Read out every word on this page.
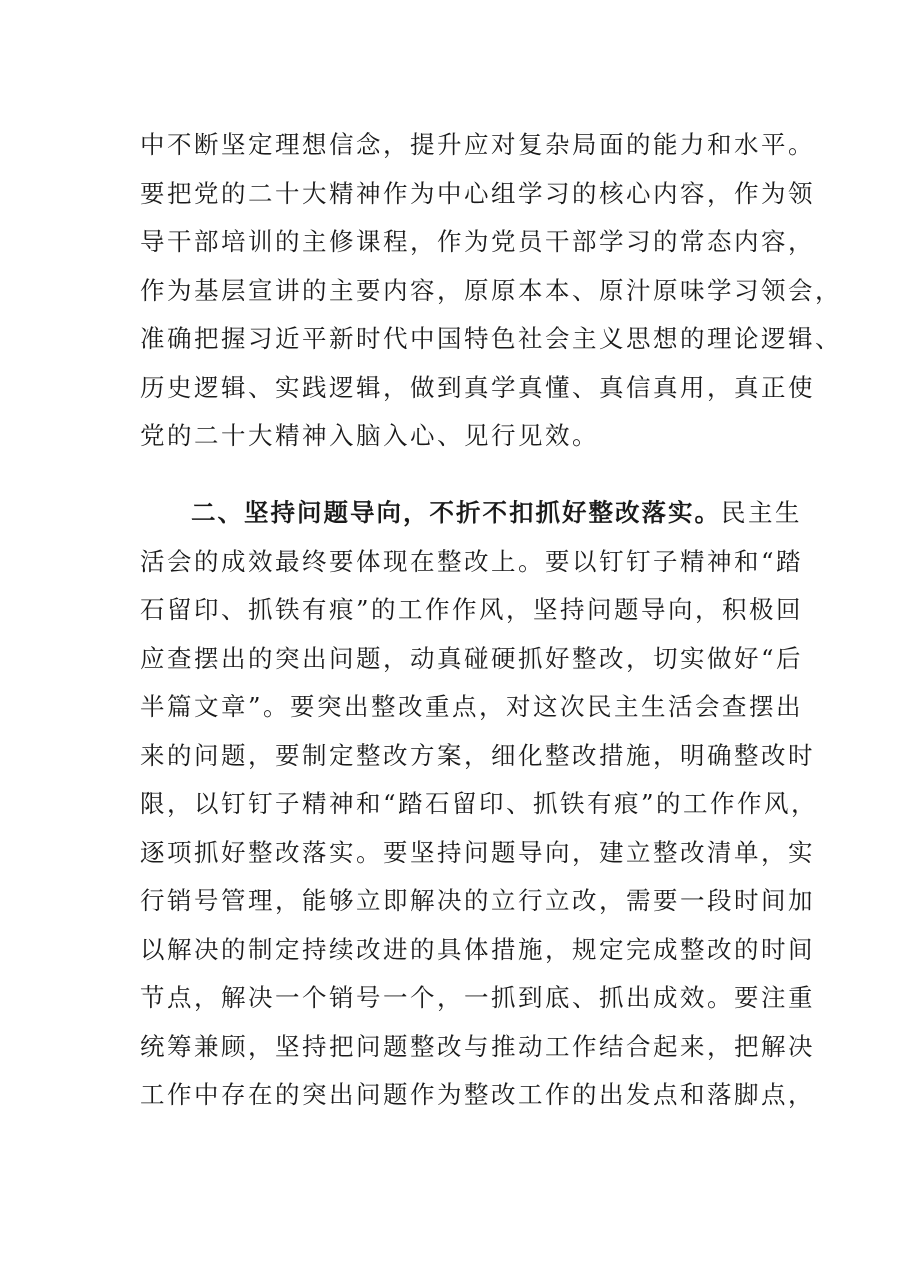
中不断坚定理想信念，提升应对复杂局面的能力和水平。
要把党的二十大精神作为中心组学习的核心内容，作为领
导干部培训的主修课程，作为党员干部学习的常态内容，
作为基层宣讲的主要内容，原原本本、原汁原味学习领会，
准确把握习近平新时代中国特色社会主义思想的理论逻辑、
历史逻辑、实践逻辑，做到真学真懂、真信真用，真正使
党的二十大精神入脑入心、见行见效。
二、坚持问题导向，不折不扣抓好整改落实。民主生
活会的成效最终要体现在整改上。要以钉钉子精神和“踏
石留印、抓铁有痕”的工作作风，坚持问题导向，积极回
应查摆出的突出问题，动真碰硬抓好整改，切实做好“后
半篇文章”。要突出整改重点，对这次民主生活会查摆出
来的问题，要制定整改方案，细化整改措施，明确整改时
限，以钉钉子精神和“踏石留印、抓铁有痕”的工作作风，
逐项抓好整改落实。要坚持问题导向，建立整改清单，实
行销号管理，能够立即解决的立行立改，需要一段时间加
以解决的制定持续改进的具体措施，规定完成整改的时间
节点，解决一个销号一个，一抓到底、抓出成效。要注重
统筹兼顾，坚持把问题整改与推动工作结合起来，把解决
工作中存在的突出问题作为整改工作的出发点和落脚点，
